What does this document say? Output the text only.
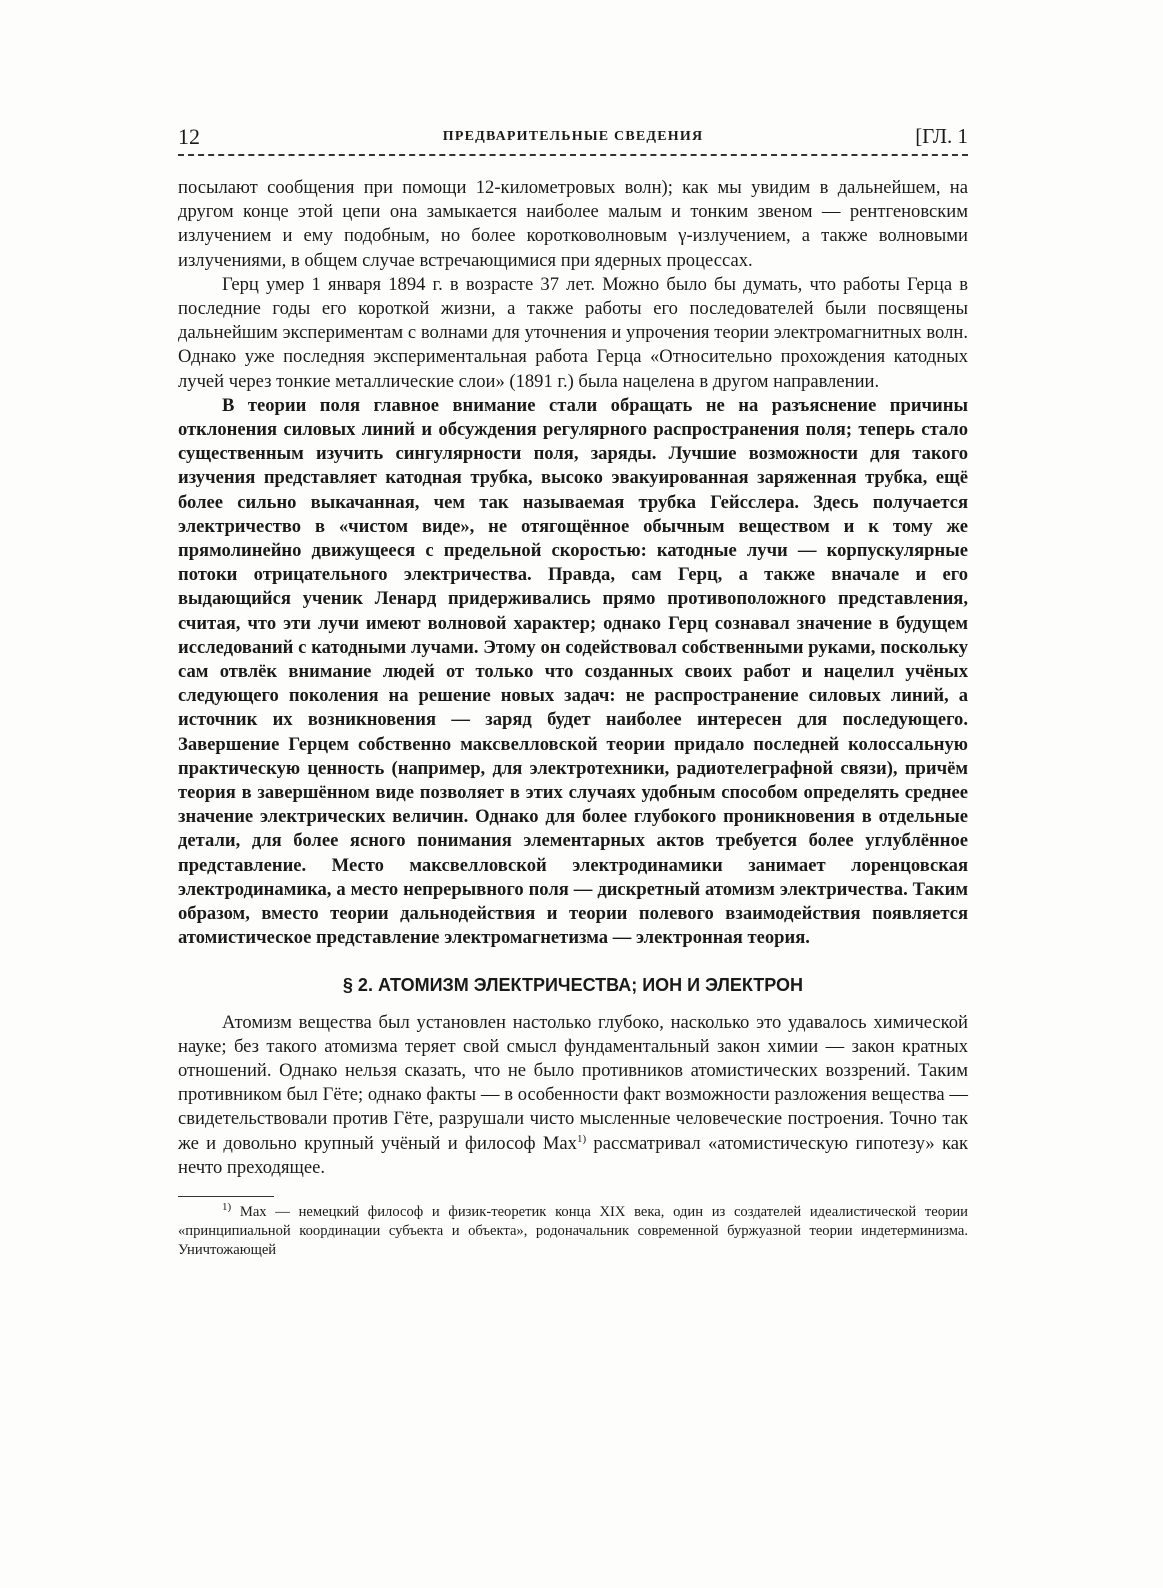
12	ПРЕДВАРИТЕЛЬНЫЕ СВЕДЕНИЯ	[ГЛ. 1

посылают сообщения при помощи 12-километровых волн); как мы увидим в дальнейшем, на другом конце этой цепи она замыкается наиболее малым и тонким звеном — рентгеновским излучением и ему подобным, но более коротковолновым γ-излучением, а также волновыми излучениями, в общем случае встречающимися при ядерных процессах.

Герц умер 1 января 1894 г. в возрасте 37 лет. Можно было бы думать, что работы Герца в последние годы его короткой жизни, а также работы его последователей были посвящены дальнейшим экспериментам с волнами для уточнения и упрочения теории электромагнитных волн. Однако уже последняя экспериментальная работа Герца «Относительно прохождения катодных лучей через тонкие металлические слои» (1891 г.) была нацелена в другом направлении.

В теории поля главное внимание стали обращать не на разъяснение причины отклонения силовых линий и обсуждения регулярного распространения поля; теперь стало существенным изучить сингулярности поля, заряды. Лучшие возможности для такого изучения представляет катодная трубка, высоко эвакуированная заряженная трубка, ещё более сильно выкачанная, чем так называемая трубка Гейсслера. Здесь получается электричество в «чистом виде», не отягощённое обычным веществом и к тому же прямолинейно движущееся с предельной скоростью: катодные лучи — корпускулярные потоки отрицательного электричества. Правда, сам Герц, а также вначале и его выдающийся ученик Ленард придерживались прямо противоположного представления, считая, что эти лучи имеют волновой характер; однако Герц сознавал значение в будущем исследований с катодными лучами. Этому он содействовал собственными руками, поскольку сам отвлёк внимание людей от только что созданных своих работ и нацелил учёных следующего поколения на решение новых задач: не распространение силовых линий, а источник их возникновения — заряд будет наиболее интересен для последующего. Завершение Герцем собственно максвелловской теории придало последней колоссальную практическую ценность (например, для электротехники, радиотелеграфной связи), причём теория в завершённом виде позволяет в этих случаях удобным способом определять среднее значение электрических величин. Однако для более глубокого проникновения в отдельные детали, для более ясного понимания элементарных актов требуется более углублённое представление. Место максвелловской электродинамики занимает лоренцовская электродинамика, а место непрерывного поля — дискретный атомизм электричества. Таким образом, вместо теории дальнодействия и теории полевого взаимодействия появляется атомистическое представление электромагнетизма — электронная теория.

§ 2. АТОМИЗМ ЭЛЕКТРИЧЕСТВА; ИОН И ЭЛЕКТРОН

Атомизм вещества был установлен настолько глубоко, насколько это удавалось химической науке; без такого атомизма теряет свой смысл фундаментальный закон химии — закон кратных отношений. Однако нельзя сказать, что не было противников атомистических воззрений. Таким противником был Гёте; однако факты — в особенности факт возможности разложения вещества — свидетельствовали против Гёте, разрушали чисто мысленные человеческие построения. Точно так же и довольно крупный учёный и философ Мах$^{1)}$ рассматривал «атомистическую гипотезу» как нечто преходящее.

$^{1)}$ Мах — немецкий философ и физик-теоретик конца XIX века, один из создателей идеалистической теории «принципиальной координации субъекта и объекта», родоначальник современной буржуазной теории индетерминизма. Уничтожающей
